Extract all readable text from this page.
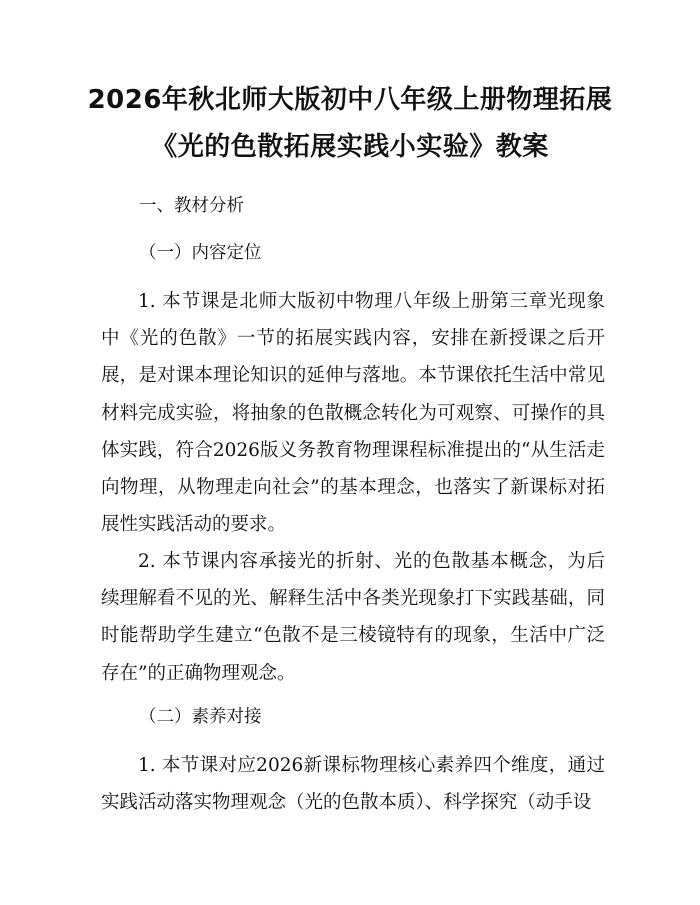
2026年秋北师大版初中八年级上册物理拓展
《光的色散拓展实践小实验》教案

一、教材分析

（一）内容定位

1. 本节课是北师大版初中物理八年级上册第三章光现象中《光的色散》一节的拓展实践内容，安排在新授课之后开展，是对课本理论知识的延伸与落地。本节课依托生活中常见材料完成实验，将抽象的色散概念转化为可观察、可操作的具体实践，符合2026版义务教育物理课程标准提出的“从生活走向物理，从物理走向社会”的基本理念，也落实了新课标对拓展性实践活动的要求。

2. 本节课内容承接光的折射、光的色散基本概念，为后续理解看不见的光、解释生活中各类光现象打下实践基础，同时能帮助学生建立“色散不是三棱镜特有的现象，生活中广泛存在”的正确物理观念。

（二）素养对接

1. 本节课对应2026新课标物理核心素养四个维度，通过实践活动落实物理观念（光的色散本质）、科学探究（动手设
